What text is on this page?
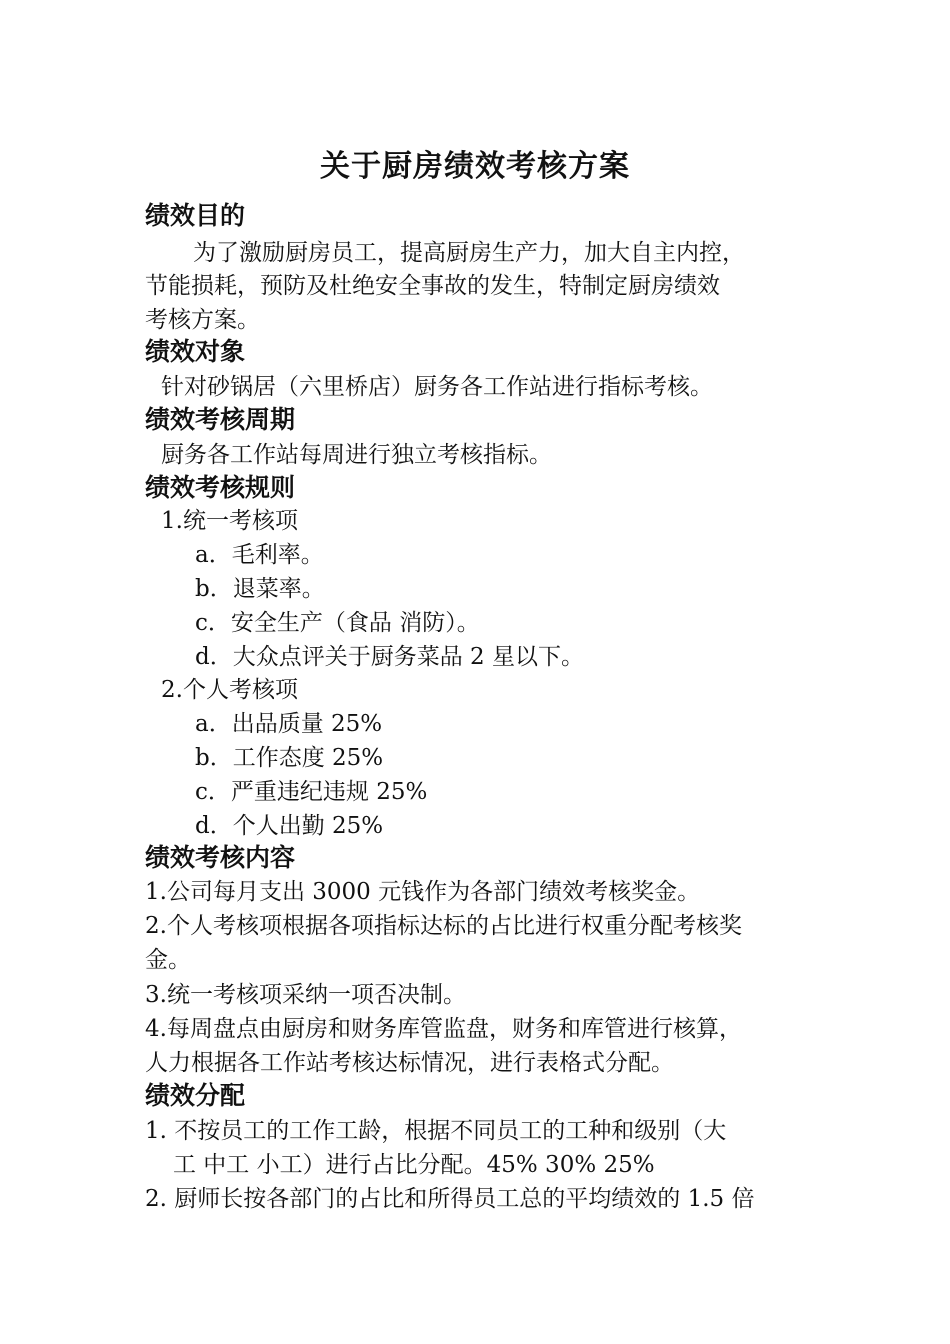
关于厨房绩效考核方案
绩效目的
为了激励厨房员工，提高厨房生产力，加大自主内控，
节能损耗，预防及杜绝安全事故的发生，特制定厨房绩效
考核方案。
绩效对象
针对砂锅居（六里桥店）厨务各工作站进行指标考核。
绩效考核周期
厨务各工作站每周进行独立考核指标。
绩效考核规则
1.统一考核项
a．毛利率。
b．退菜率。
c．安全生产（食品 消防）。
d．大众点评关于厨务菜品 2 星以下。
2.个人考核项
a．出品质量 25%
b．工作态度 25%
c．严重违纪违规 25%
d．个人出勤 25%
绩效考核内容
1.公司每月支出 3000 元钱作为各部门绩效考核奖金。
2.个人考核项根据各项指标达标的占比进行权重分配考核奖
金。
3.统一考核项采纳一项否决制。
4.每周盘点由厨房和财务库管监盘，财务和库管进行核算，
人力根据各工作站考核达标情况，进行表格式分配。
绩效分配
1. 不按员工的工作工龄，根据不同员工的工种和级别（大
工 中工 小工）进行占比分配。45% 30% 25%
2. 厨师长按各部门的占比和所得员工总的平均绩效的 1.5 倍
